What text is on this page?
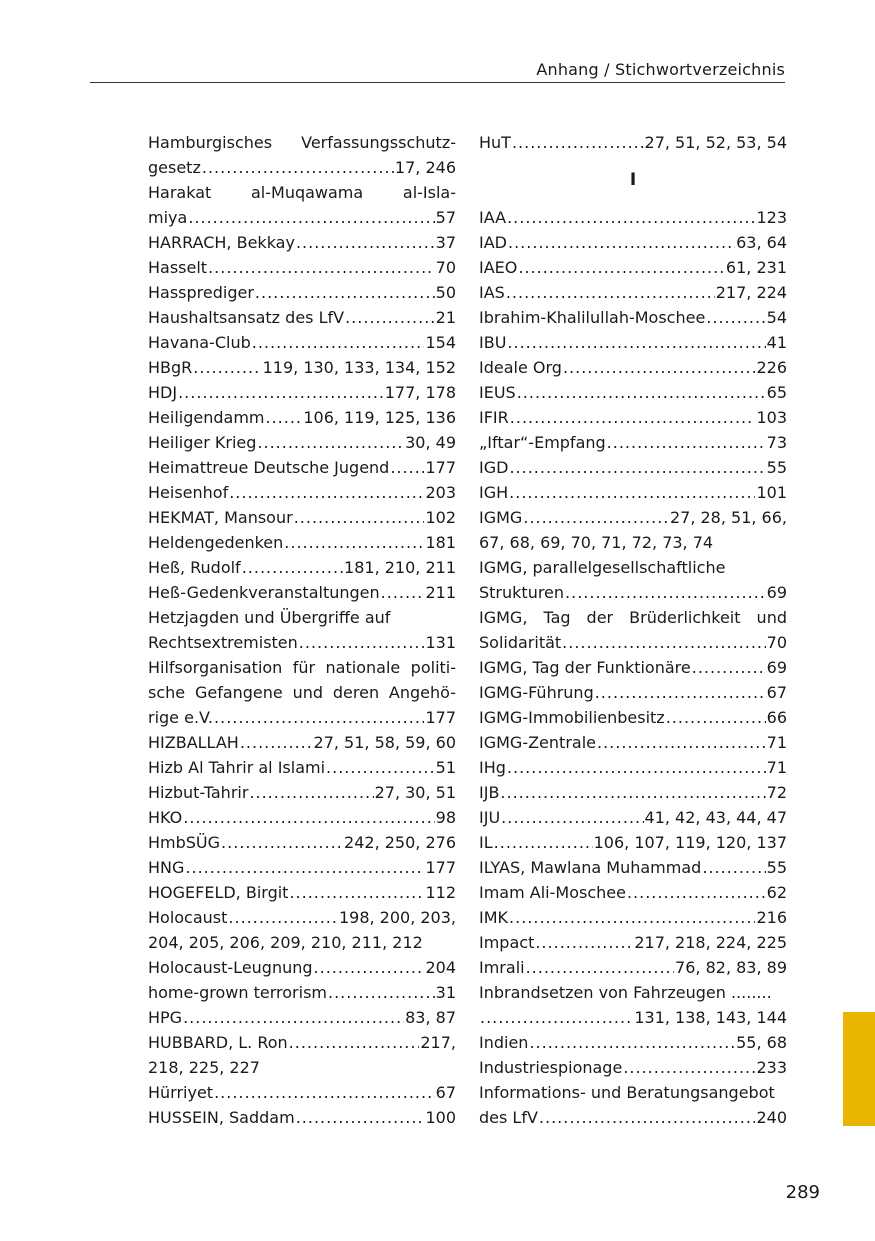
Anhang / Stichwortverzeichnis
Hamburgisches Verfassungsschutz-
gesetz .....	17, 246
Harakat al-Muqawama al-Isla-
miya .....	57
HARRACH, Bekkay .....	37
Hasselt .....	70
Hassprediger .....	50
Haushaltsansatz des LfV .....	21
Havana-Club .....	154
HBgR .....	119, 130, 133, 134, 152
HDJ .....	177, 178
Heiligendamm ..... 106, 119, 125, 136
Heiliger Krieg .....	30, 49
Heimattreue Deutsche Jugend ..... 177
Heisenhof .....	203
HEKMAT, Mansour .....	102
Heldengedenken .....	181
Heß, Rudolf .....	181, 210, 211
Heß-Gedenkveranstaltungen .....	211
Hetzjagden und Übergriffe auf
Rechtsextremisten .....	131
Hilfsorganisation für nationale politi-
sche Gefangene und deren Angehö-
rige e.V. .....	177
HIZBALLAH .....	27, 51, 58, 59, 60
Hizb Al Tahrir al Islami .....	51
Hizbut-Tahrir .....	27, 30, 51
HKO .....	98
HmbSÜG .....	242, 250, 276
HNG .....	177
HOGEFELD, Birgit .....	112
Holocaust .....	198, 200, 203,
204, 205, 206, 209, 210, 211, 212
Holocaust-Leugnung .....	204
home-grown terrorism .....	31
HPG .....	83, 87
HUBBARD, L. Ron .....	217,
218, 225, 227
Hürriyet .....	67
HUSSEIN, Saddam .....	100
HuT .....	27, 51, 52, 53, 54
I
IAA .....	123
IAD .....	63, 64
IAEO .....	61, 231
IAS .....	217, 224
Ibrahim-Khalilullah-Moschee .....	54
IBU .....	41
Ideale Org .....	226
IEUS .....	65
IFIR .....	103
„Iftar“-Empfang .....	73
IGD .....	55
IGH .....	101
IGMG .....	27, 28, 51, 66,
67, 68, 69, 70, 71, 72, 73, 74
IGMG, parallelgesellschaftliche
Strukturen .....	69
IGMG, Tag der Brüderlichkeit und
Solidarität .....	70
IGMG, Tag der Funktionäre .....	69
IGMG-Führung .....	67
IGMG-Immobilienbesitz .....	66
IGMG-Zentrale .....	71
IHg .....	71
IJB .....	72
IJU .....	41, 42, 43, 44, 47
IL .....	106, 107, 119, 120, 137
ILYAS, Mawlana Muhammad .....	55
Imam Ali-Moschee .....	62
IMK .....	216
Impact .....	217, 218, 224, 225
Imrali .....	76, 82, 83, 89
Inbrandsetzen von Fahrzeugen ........
.....
131, 138, 143, 144
Indien .....	55, 68
Industriespionage .....	233
Informations- und Beratungsangebot
des LfV .....	240
289
